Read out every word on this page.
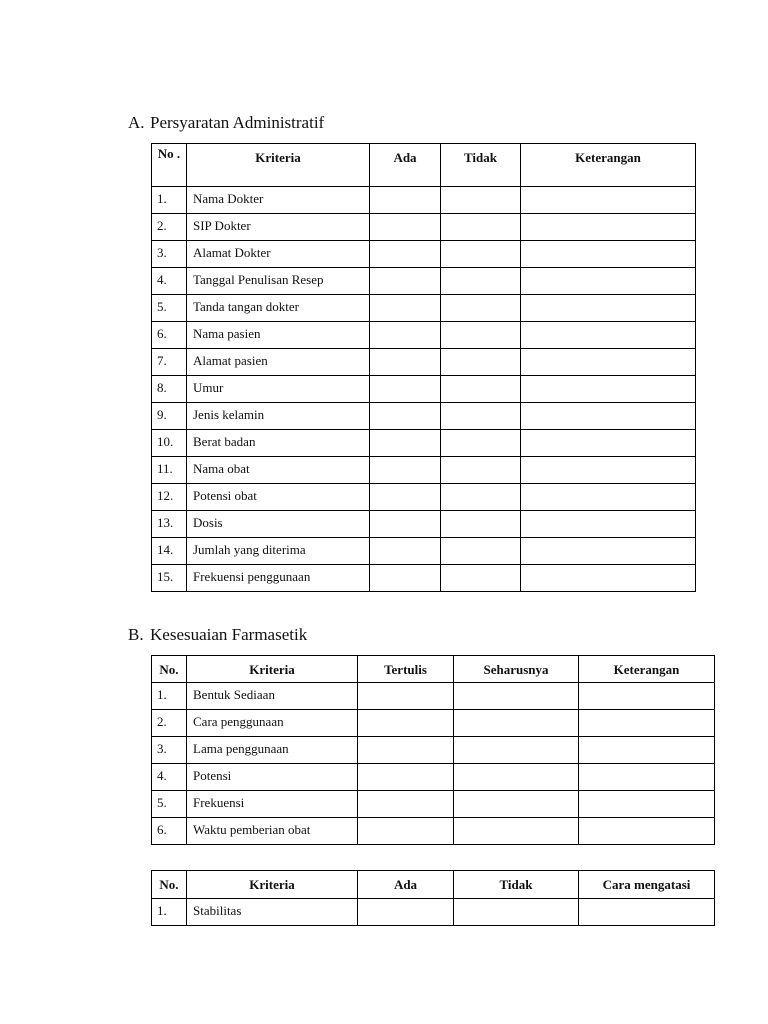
A. Persyaratan Administratif
No .	Kriteria	Ada	Tidak	Keterangan
1.	Nama Dokter			
2.	SIP Dokter			
3.	Alamat Dokter			
4.	Tanggal Penulisan Resep			
5.	Tanda tangan dokter			
6.	Nama pasien			
7.	Alamat pasien			
8.	Umur			
9.	Jenis kelamin			
10.	Berat badan			
11.	Nama obat			
12.	Potensi obat			
13.	Dosis			
14.	Jumlah yang diterima			
15.	Frekuensi penggunaan			
B. Kesesuaian Farmasetik
No.	Kriteria	Tertulis	Seharusnya	Keterangan
1.	Bentuk Sediaan			
2.	Cara penggunaan			
3.	Lama penggunaan			
4.	Potensi			
5.	Frekuensi			
6.	Waktu pemberian obat			
No.	Kriteria	Ada	Tidak	Cara mengatasi
1.	Stabilitas			
